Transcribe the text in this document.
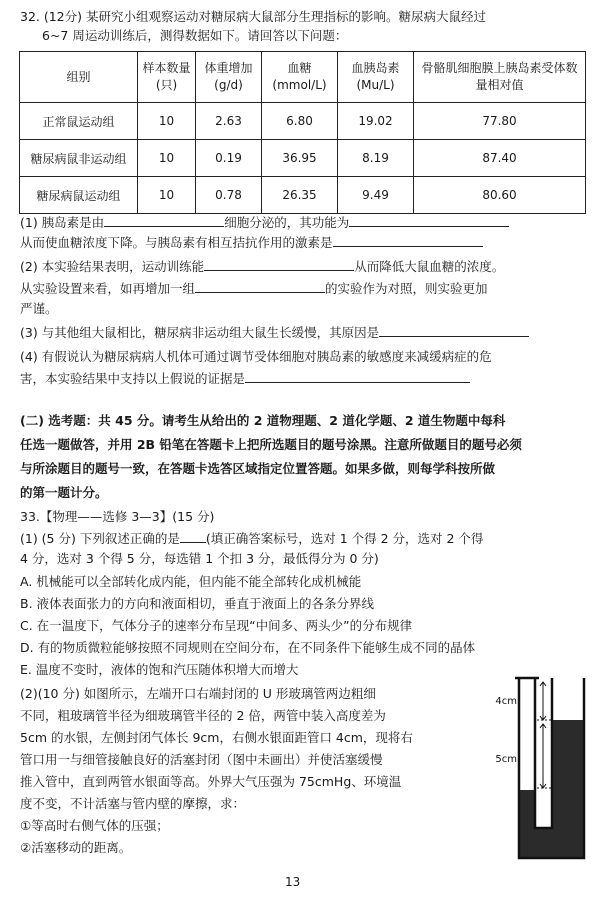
32. (12分) 某研究小组观察运动对糖尿病大鼠部分生理指标的影响。糖尿病大鼠经过
6~7 周运动训练后，测得数据如下。请回答以下问题：
组别	样本数量(只)	体重增加(g/d)	血糖(mmol/L)	血胰岛素(Mu/L)	骨骼肌细胞膜上胰岛素受体数量相对值
正常鼠运动组	10	2.63	6.80	19.02	77.80
糖尿病鼠非运动组	10	0.19	36.95	8.19	87.40
糖尿病鼠运动组	10	0.78	26.35	9.49	80.60
(1) 胰岛素是由	细胞分泌的，其功能为
从而使血糖浓度下降。与胰岛素有相互拮抗作用的激素是
(2) 本实验结果表明，运动训练能	从而降低大鼠血糖的浓度。
从实验设置来看，如再增加一组	的实验作为对照，则实验更加
严谨。
(3) 与其他组大鼠相比，糖尿病非运动组大鼠生长缓慢，其原因是
(4) 有假说认为糖尿病病人机体可通过调节受体细胞对胰岛素的敏感度来减缓病症的危
害，本实验结果中支持以上假说的证据是
(二) 选考题：共 45 分。请考生从给出的 2 道物理题、2 道化学题、2 道生物题中每科
任选一题做答，并用 2B 铅笔在答题卡上把所选题目的题号涂黑。注意所做题目的题号必须
与所涂题目的题号一致，在答题卡选答区域指定位置答题。如果多做，则每学科按所做
的第一题计分。
33.【物理——选修 3—3】(15 分)
(1) (5 分) 下列叙述正确的是 (填正确答案标号，选对 1 个得 2 分，选对 2 个得
4 分，选对 3 个得 5 分，每选错 1 个扣 3 分，最低得分为 0 分)
A. 机械能可以全部转化成内能，但内能不能全部转化成机械能
B. 液体表面张力的方向和液面相切，垂直于液面上的各条分界线
C. 在一温度下，气体分子的速率分布呈现“中间多、两头少”的分布规律
D. 有的物质微粒能够按照不同规则在空间分布，在不同条件下能够生成不同的晶体
E. 温度不变时，液体的饱和汽压随体积增大而增大
(2)(10 分) 如图所示，左端开口右端封闭的 U 形玻璃管两边粗细
不同，粗玻璃管半径为细玻璃管半径的 2 倍，两管中装入高度差为
5cm 的水银，左侧封闭气体长 9cm，右侧水银面距管口 4cm，现将右
管口用一与细管接触良好的活塞封闭（图中未画出）并使活塞缓慢
推入管中，直到两管水银面等高。外界大气压强为 75cmHg、环境温
度不变，不计活塞与管内壁的摩擦，求：
①等高时右侧气体的压强；
②活塞移动的距离。
4cm
5cm
13
